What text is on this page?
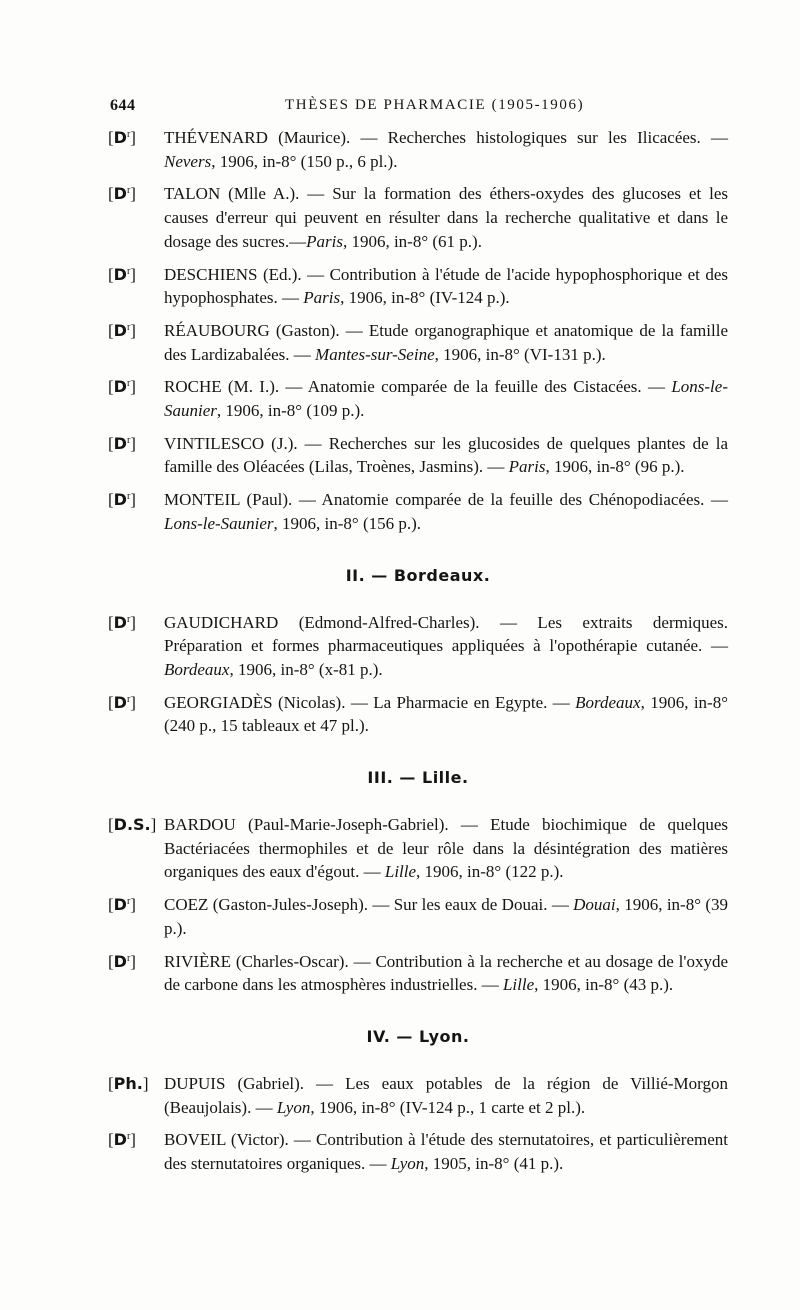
644	THÈSES DE PHARMACIE (1905-1906)
$[D^r]$ THÉVENARD (Maurice). — Recherches histologiques sur les Ilicacées. — Nevers, 1906, in-8° (150 p., 6 pl.).
$[D^r]$ TALON (Mlle A.). — Sur la formation des éthers-oxydes des glucoses et les causes d'erreur qui peuvent en résulter dans la recherche qualitative et dans le dosage des sucres.—Paris, 1906, in-8° (61 p.).
$[D^r]$ DESCHIENS (Ed.). — Contribution à l'étude de l'acide hypophosphorique et des hypophosphates. — Paris, 1906, in-8° (IV-124 p.).
$[D^r]$ RÉAUBOURG (Gaston). — Etude organographique et anatomique de la famille des Lardizabalées. — Mantes-sur-Seine, 1906, in-8° (VI-131 p.).
$[D^r]$ ROCHE (M. I.). — Anatomie comparée de la feuille des Cistacées. — Lons-le-Saunier, 1906, in-8° (109 p.).
$[D^r]$ VINTILESCO (J.). — Recherches sur les glucosides de quelques plantes de la famille des Oléacées (Lilas, Troènes, Jasmins). — Paris, 1906, in-8° (96 p.).
$[D^r]$ MONTEIL (Paul). — Anatomie comparée de la feuille des Chénopodiacées. — Lons-le-Saunier, 1906, in-8° (156 p.).
II. — Bordeaux.
$[D^r]$ GAUDICHARD (Edmond-Alfred-Charles). — Les extraits dermiques. Préparation et formes pharmaceutiques appliquées à l'opothérapie cutanée. — Bordeaux, 1906, in-8° (x-81 p.).
$[D^r]$ GEORGIADÈS (Nicolas). — La Pharmacie en Egypte. — Bordeaux, 1906, in-8° (240 p., 15 tableaux et 47 pl.).
III. — Lille.
[D.S.] BARDOU (Paul-Marie-Joseph-Gabriel). — Etude biochimique de quelques Bactériacées thermophiles et de leur rôle dans la désintégration des matières organiques des eaux d'égout. — Lille, 1906, in-8° (122 p.).
$[D^r]$ COEZ (Gaston-Jules-Joseph). — Sur les eaux de Douai. — Douai, 1906, in-8° (39 p.).
$[D^r]$ RIVIÈRE (Charles-Oscar). — Contribution à la recherche et au dosage de l'oxyde de carbone dans les atmosphères industrielles. — Lille, 1906, in-8° (43 p.).
IV. — Lyon.
[Ph.] DUPUIS (Gabriel). — Les eaux potables de la région de Villié-Morgon (Beaujolais). — Lyon, 1906, in-8° (IV-124 p., 1 carte et 2 pl.).
$[D^r]$ BOVEIL (Victor). — Contribution à l'étude des sternutatoires, et particulièrement des sternutatoires organiques. — Lyon, 1905, in-8° (41 p.).
